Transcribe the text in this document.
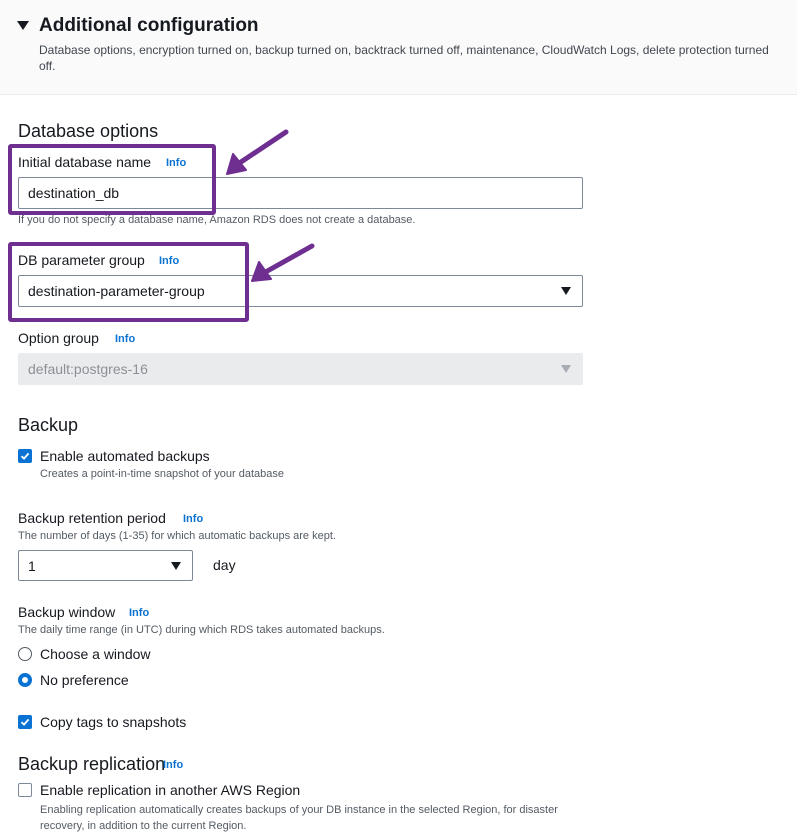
Additional configuration
Database options, encryption turned on, backup turned on, backtrack turned off, maintenance, CloudWatch Logs, delete protection turned off.
Database options
Initial database name Info
destination_db
If you do not specify a database name, Amazon RDS does not create a database.
DB parameter group Info
destination-parameter-group
Option group Info
default:postgres-16
Backup
Enable automated backups
Creates a point-in-time snapshot of your database
Backup retention period Info
The number of days (1-35) for which automatic backups are kept.
1	day
Backup window Info
The daily time range (in UTC) during which RDS takes automated backups.
Choose a window
No preference
Copy tags to snapshots
Backup replication
Info
Enable replication in another AWS Region
Enabling replication automatically creates backups of your DB instance in the selected Region, for disaster recovery, in addition to the current Region.
